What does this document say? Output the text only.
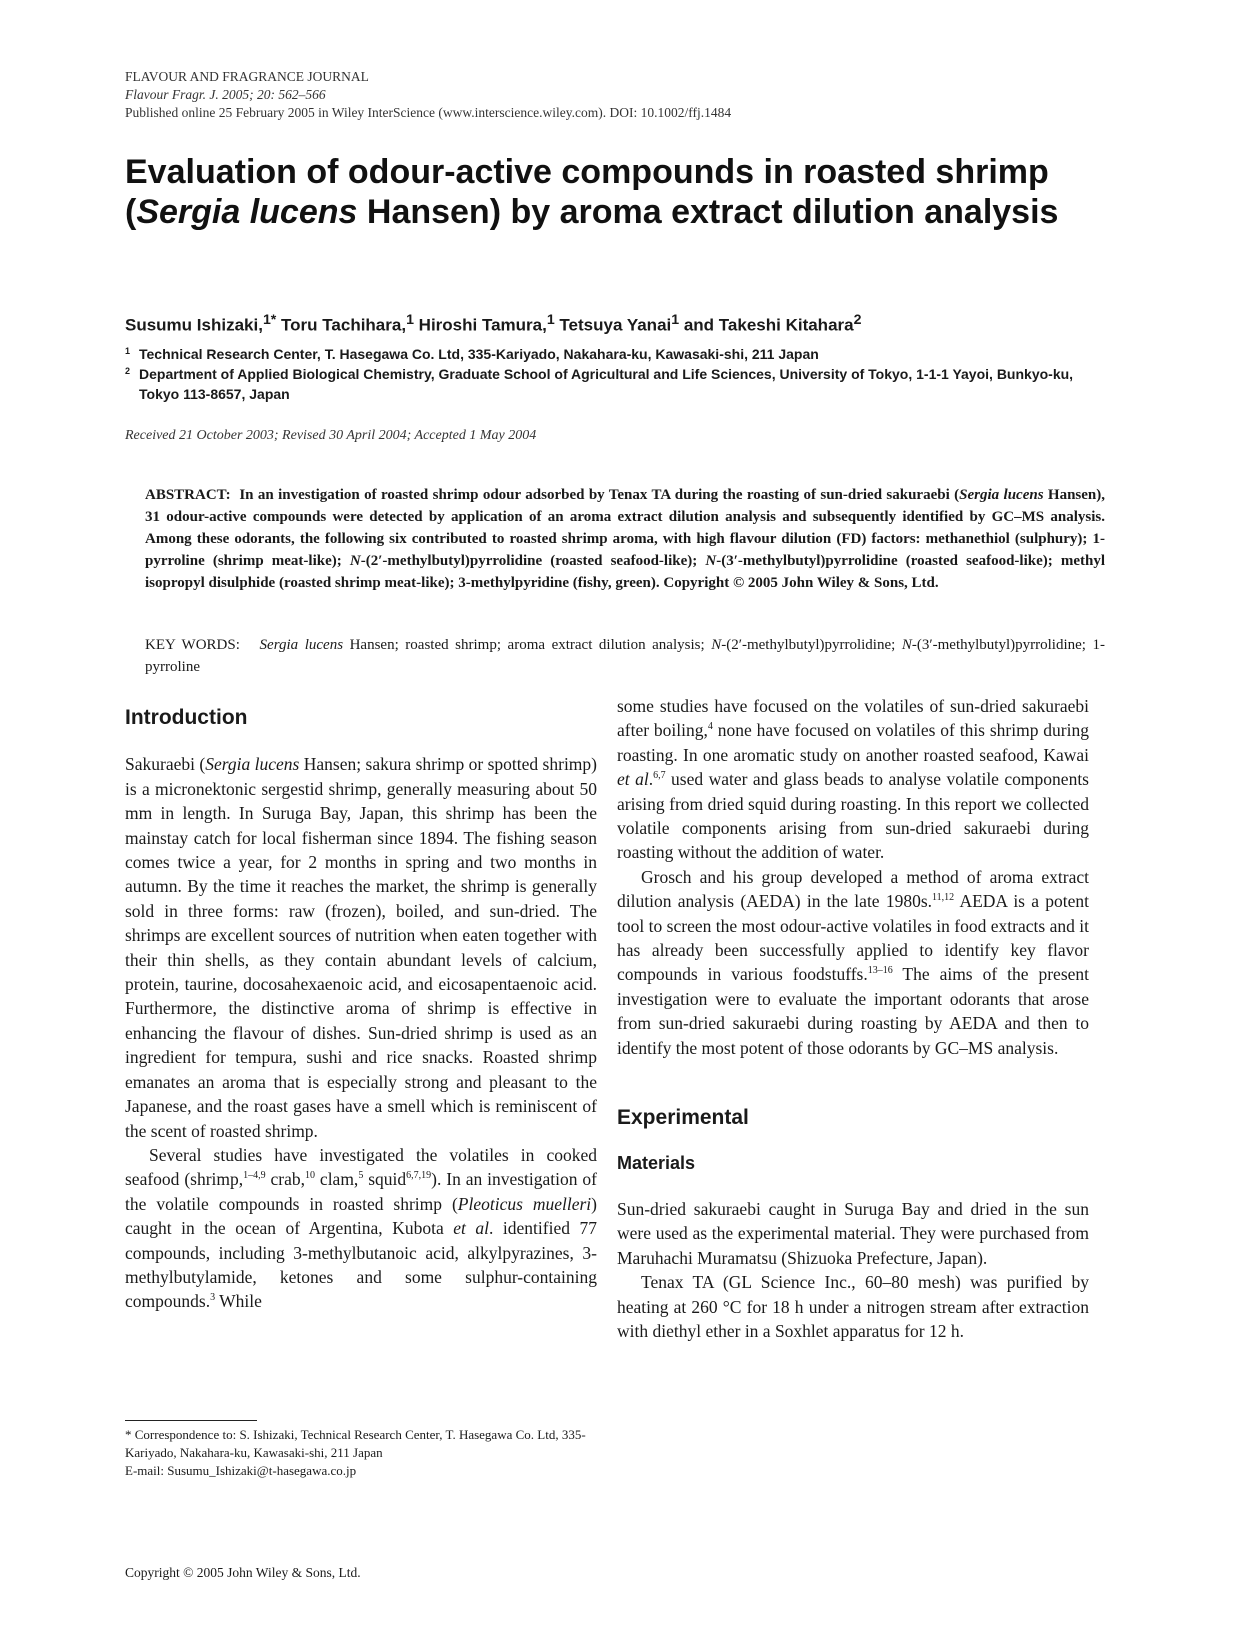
FLAVOUR AND FRAGRANCE JOURNAL
Flavour Fragr. J. 2005; 20: 562–566
Published online 25 February 2005 in Wiley InterScience (www.interscience.wiley.com). DOI: 10.1002/ffj.1484
Evaluation of odour-active compounds in roasted shrimp (Sergia lucens Hansen) by aroma extract dilution analysis
Susumu Ishizaki,$^{1*}$ Toru Tachihara,$^1$ Hiroshi Tamura,$^1$ Tetsuya Yanai$^1$ and Takeshi Kitahara$^2$
1 Technical Research Center, T. Hasegawa Co. Ltd, 335-Kariyado, Nakahara-ku, Kawasaki-shi, 211 Japan
2 Department of Applied Biological Chemistry, Graduate School of Agricultural and Life Sciences, University of Tokyo, 1-1-1 Yayoi, Bunkyo-ku, Tokyo 113-8657, Japan
Received 21 October 2003; Revised 30 April 2004; Accepted 1 May 2004
ABSTRACT: In an investigation of roasted shrimp odour adsorbed by Tenax TA during the roasting of sun-dried sakuraebi (Sergia lucens Hansen), 31 odour-active compounds were detected by application of an aroma extract dilution analysis and subsequently identified by GC–MS analysis. Among these odorants, the following six contributed to roasted shrimp aroma, with high flavour dilution (FD) factors: methanethiol (sulphury); 1-pyrroline (shrimp meat-like); N-(2′-methylbutyl)pyrrolidine (roasted seafood-like); N-(3′-methylbutyl)pyrrolidine (roasted seafood-like); methyl isopropyl disulphide (roasted shrimp meat-like); 3-methylpyridine (fishy, green). Copyright © 2005 John Wiley & Sons, Ltd.
KEY WORDS: Sergia lucens Hansen; roasted shrimp; aroma extract dilution analysis; N-(2′-methylbutyl)pyrrolidine; N-(3′-methylbutyl)pyrrolidine; 1-pyrroline
Introduction

Sakuraebi (Sergia lucens Hansen; sakura shrimp or spotted shrimp) is a micronektonic sergestid shrimp, generally measuring about 50 mm in length. In Suruga Bay, Japan, this shrimp has been the mainstay catch for local fisherman since 1894. The fishing season comes twice a year, for 2 months in spring and two months in autumn. By the time it reaches the market, the shrimp is generally sold in three forms: raw (frozen), boiled, and sun-dried. The shrimps are excellent sources of nutrition when eaten together with their thin shells, as they contain abundant levels of calcium, protein, taurine, docosahexaenoic acid, and eicosapentaenoic acid. Furthermore, the distinctive aroma of shrimp is effective in enhancing the flavour of dishes. Sun-dried shrimp is used as an ingredient for tempura, sushi and rice snacks. Roasted shrimp emanates an aroma that is especially strong and pleasant to the Japanese, and the roast gases have a smell which is reminiscent of the scent of roasted shrimp.

Several studies have investigated the volatiles in cooked seafood (shrimp,$^{1-4,9}$ crab,$^{10}$ clam,$^5$ squid$^{6,7,19}$). In an investigation of the volatile compounds in roasted shrimp (Pleoticus muelleri) caught in the ocean of Argentina, Kubota et al. identified 77 compounds, including 3-methylbutanoic acid, alkylpyrazines, 3-methylbutylamide, ketones and some sulphur-containing compounds.$^3$ While

some studies have focused on the volatiles of sun-dried sakuraebi after boiling,$^4$ none have focused on volatiles of this shrimp during roasting. In one aromatic study on another roasted seafood, Kawai et al.$^{6,7}$ used water and glass beads to analyse volatile components arising from dried squid during roasting. In this report we collected volatile components arising from sun-dried sakuraebi during roasting without the addition of water.

Grosch and his group developed a method of aroma extract dilution analysis (AEDA) in the late 1980s.$^{11,12}$ AEDA is a potent tool to screen the most odour-active volatiles in food extracts and it has already been successfully applied to identify key flavor compounds in various foodstuffs.$^{13-16}$ The aims of the present investigation were to evaluate the important odorants that arose from sun-dried sakuraebi during roasting by AEDA and then to identify the most potent of those odorants by GC–MS analysis.

Experimental
Materials

Sun-dried sakuraebi caught in Suruga Bay and dried in the sun were used as the experimental material. They were purchased from Maruhachi Muramatsu (Shizuoka Prefecture, Japan).

Tenax TA (GL Science Inc., 60–80 mesh) was purified by heating at 260 °C for 18 h under a nitrogen stream after extraction with diethyl ether in a Soxhlet apparatus for 12 h.

* Correspondence to: S. Ishizaki, Technical Research Center, T. Hasegawa Co. Ltd, 335-Kariyado, Nakahara-ku, Kawasaki-shi, 211 Japan
E-mail: Susumu_Ishizaki@t-hasegawa.co.jp
Copyright © 2005 John Wiley & Sons, Ltd.
